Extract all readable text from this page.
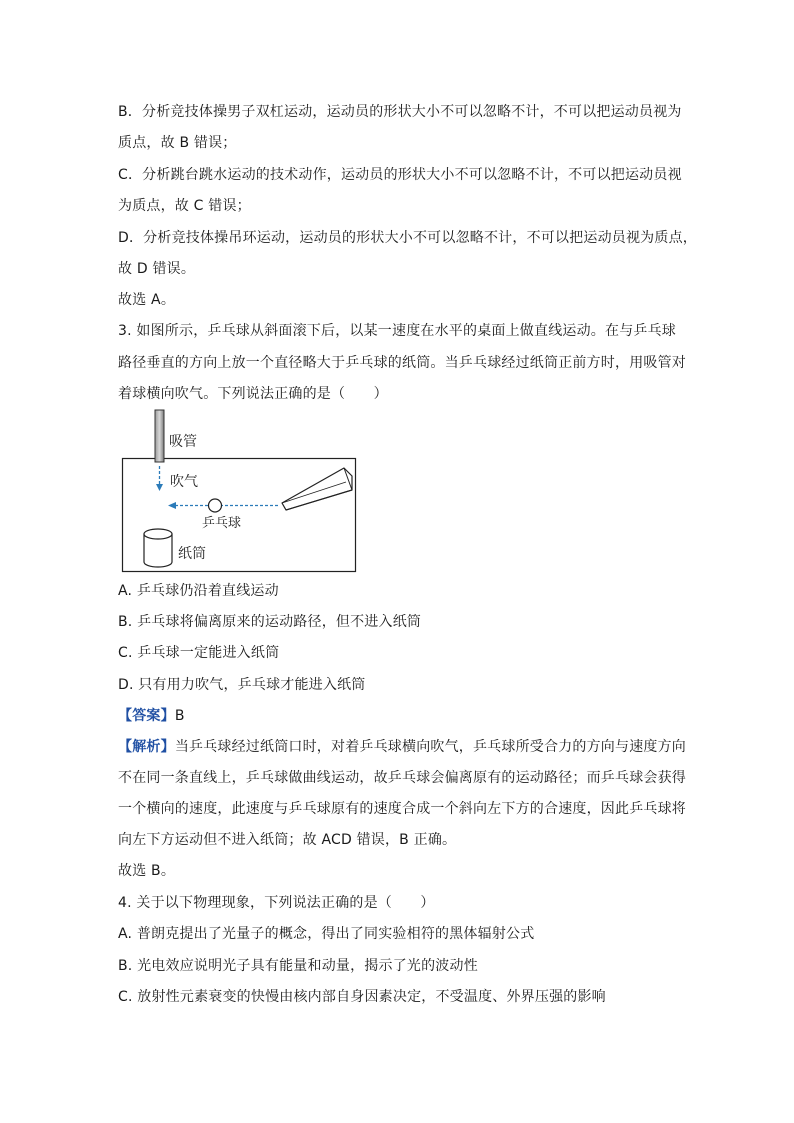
B．分析竞技体操男子双杠运动，运动员的形状大小不可以忽略不计，不可以把运动员视为
质点，故 B 错误；
C．分析跳台跳水运动的技术动作，运动员的形状大小不可以忽略不计，不可以把运动员视
为质点，故 C 错误；
D．分析竞技体操吊环运动，运动员的形状大小不可以忽略不计，不可以把运动员视为质点，
故 D 错误。
故选 A。
3. 如图所示，乒乓球从斜面滚下后，以某一速度在水平的桌面上做直线运动。在与乒乓球
路径垂直的方向上放一个直径略大于乒乓球的纸筒。当乒乓球经过纸筒正前方时，用吸管对
着球横向吹气。下列说法正确的是（　　）
吸管
吹气
乒乓球
纸筒
A. 乒乓球仍沿着直线运动
B. 乒乓球将偏离原来的运动路径，但不进入纸筒
C. 乒乓球一定能进入纸筒
D. 只有用力吹气，乒乓球才能进入纸筒
【答案】B
【解析】当乒乓球经过纸筒口时，对着乒乓球横向吹气，乒乓球所受合力的方向与速度方向
不在同一条直线上，乒乓球做曲线运动，故乒乓球会偏离原有的运动路径；而乒乓球会获得
一个横向的速度，此速度与乒乓球原有的速度合成一个斜向左下方的合速度，因此乒乓球将
向左下方运动但不进入纸筒；故 ACD 错误，B 正确。
故选 B。
4. 关于以下物理现象，下列说法正确的是（　　）
A. 普朗克提出了光量子的概念，得出了同实验相符的黑体辐射公式
B. 光电效应说明光子具有能量和动量，揭示了光的波动性
C. 放射性元素衰变的快慢由核内部自身因素决定，不受温度、外界压强的影响
